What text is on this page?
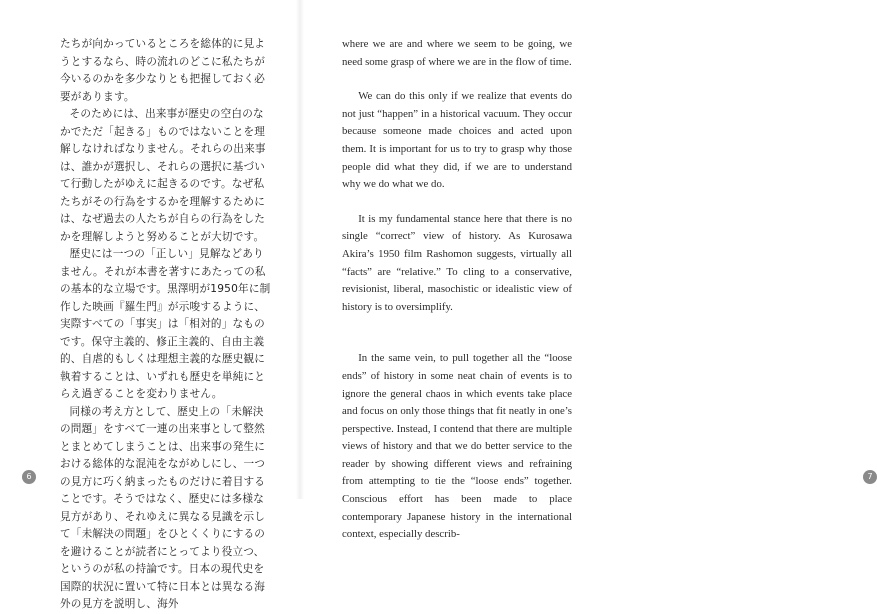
たちが向かっているところを総体的に見ようとするなら、時の流れのどこに私たちが今いるのかを多少なりとも把握しておく必要があります。

そのためには、出来事が歴史の空白のなかでただ「起きる」ものではないことを理解しなければなりません。それらの出来事は、誰かが選択し、それらの選択に基づいて行動したがゆえに起きるのです。なぜ私たちがその行為をするかを理解するためには、なぜ過去の人たちが自らの行為をしたかを理解しようと努めることが大切です。

歴史には一つの「正しい」見解などありません。それが本書を著すにあたっての私の基本的な立場です。黒澤明が1950年に制作した映画『羅生門』が示唆するように、実際すべての「事実」は「相対的」なものです。保守主義的、修正主義的、自由主義的、自虐的もしくは理想主義的な歴史観に執着することは、いずれも歴史を単純にとらえ過ぎることを変わりません。

同様の考え方として、歴史上の「未解決の問題」をすべて一連の出来事として整然とまとめてしまうことは、出来事の発生における総体的な混沌をながめしにし、一つの見方に巧く納まったものだけに着目することです。そうではなく、歴史には多様な見方があり、それゆえに異なる見識を示して「未解決の問題」をひとくくりにするのを避けることが読者にとってより役立つ、というのが私の持論です。日本の現代史を国際的状況に置いて特に日本とは異なる海外の見方を説明し、海外

6

where we are and where we seem to be going, we need some grasp of where we are in the flow of time.

We can do this only if we realize that events do not just “happen” in a historical vacuum. They occur because someone made choices and acted upon them. It is important for us to try to grasp why those people did what they did, if we are to understand why we do what we do.

It is my fundamental stance here that there is no single “correct” view of history. As Kurosawa Akira’s 1950 film Rashomon suggests, virtually all “facts” are “relative.” To cling to a conservative, revisionist, liberal, masochistic or idealistic view of history is to oversimplify.

In the same vein, to pull together all the “loose ends” of history in some neat chain of events is to ignore the general chaos in which events take place and focus on only those things that fit neatly in one’s perspective. Instead, I contend that there are multiple views of history and that we do better service to the reader by showing different views and refraining from attempting to tie the “loose ends” together. Conscious effort has been made to place contemporary Japanese history in the international context, especially describ-

7
